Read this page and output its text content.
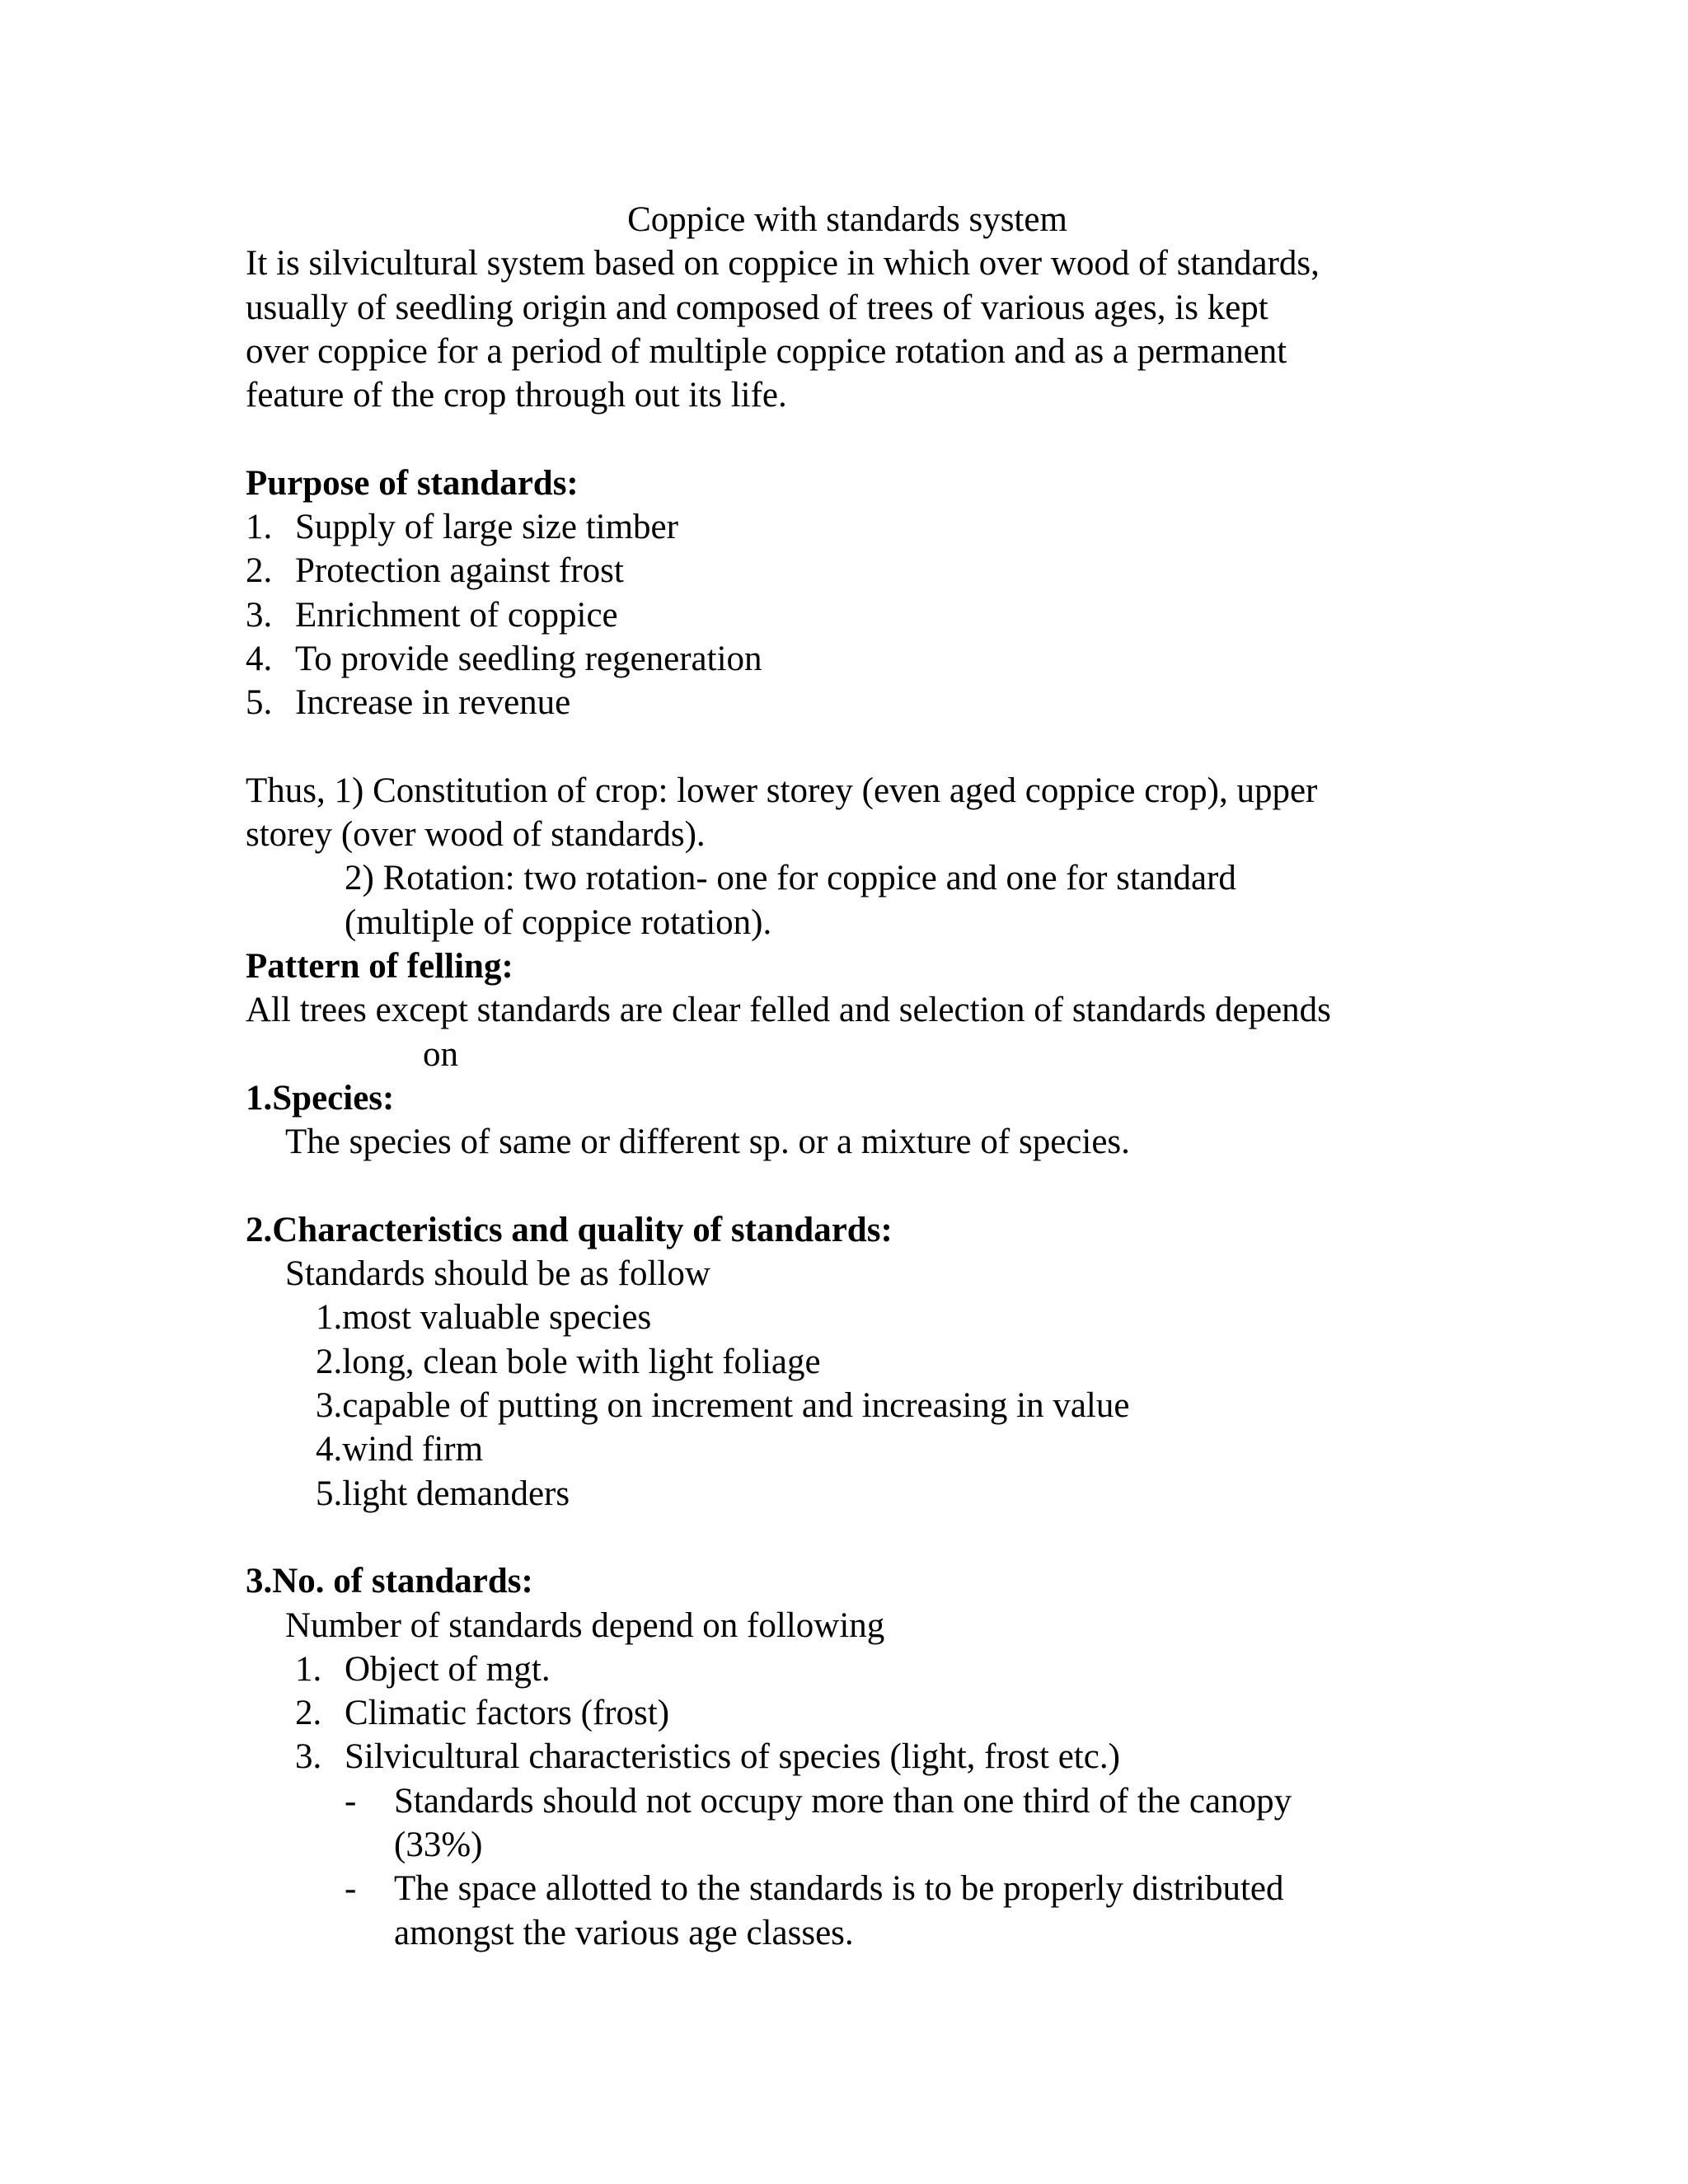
Coppice with standards system
It is silvicultural system based on coppice in which over wood of standards,
usually of seedling origin and composed of trees of various ages, is kept
over coppice for a period of multiple coppice rotation and as a permanent
feature of the crop through out its life.
Purpose of standards:
1. Supply of large size timber
2. Protection against frost
3. Enrichment of coppice
4. To provide seedling regeneration
5. Increase in revenue
Thus, 1) Constitution of crop: lower storey (even aged coppice crop), upper
storey (over wood of standards).
2) Rotation: two rotation- one for coppice and one for standard
(multiple of coppice rotation).
Pattern of felling:
All trees except standards are clear felled and selection of standards depends
on
1.Species:
The species of same or different sp. or a mixture of species.
2.Characteristics and quality of standards:
Standards should be as follow
1.most valuable species
2.long, clean bole with light foliage
3.capable of putting on increment and increasing in value
4.wind firm
5.light demanders
3.No. of standards:
Number of standards depend on following
1. Object of mgt.
2. Climatic factors (frost)
3. Silvicultural characteristics of species (light, frost etc.)
-	Standards should not occupy more than one third of the canopy (33%)
-	The space allotted to the standards is to be properly distributed amongst the various age classes.
